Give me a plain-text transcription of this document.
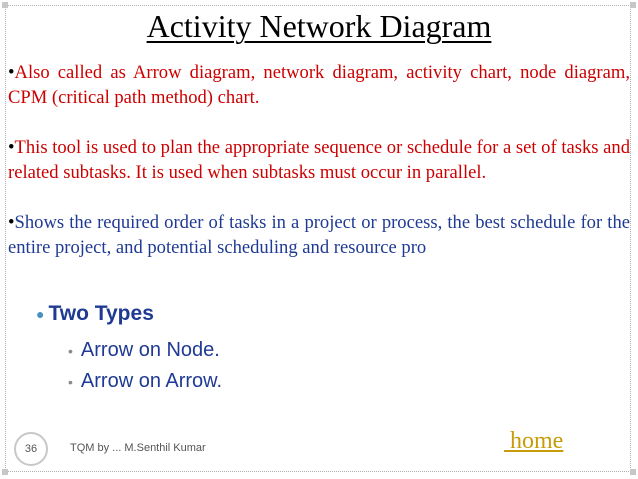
Activity Network Diagram

•Also called as Arrow diagram, network diagram, activity chart, node diagram, CPM (critical path method) chart.

•This tool is used to plan the appropriate sequence or schedule for a set of tasks and related subtasks. It is used when subtasks must occur in parallel.

•Shows the required order of tasks in a project or process, the best schedule for the entire project, and potential scheduling and resource pro

● Two Types
• Arrow on Node.
• Arrow on Arrow.
36	TQM by ... M.Senthil Kumar	home
